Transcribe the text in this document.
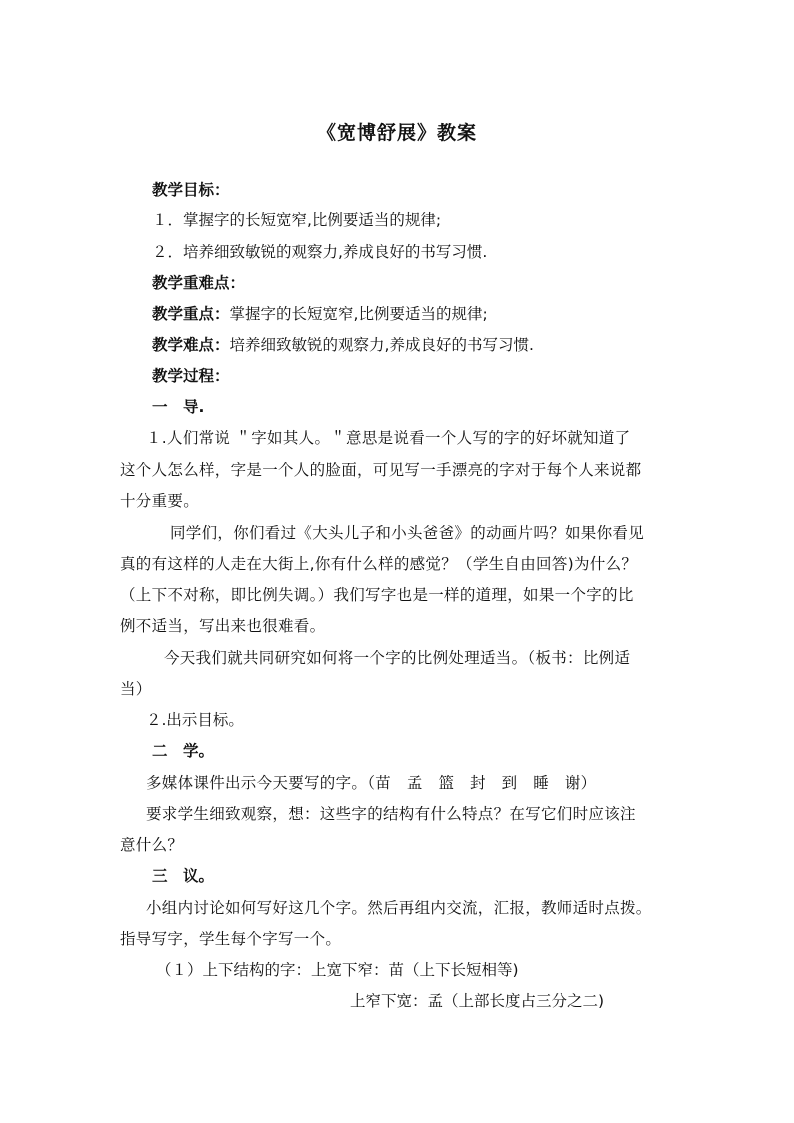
《宽博舒展》教案
教学目标：
１．掌握字的长短宽窄,比例要适当的规律;
２．培养细致敏锐的观察力,养成良好的书写习惯.
教学重难点：
教学重点：掌握字的长短宽窄,比例要适当的规律;
教学难点：培养细致敏锐的观察力,养成良好的书写习惯.
教学过程：
一　导.
１.人们常说 ＂字如其人。＂意思是说看一个人写的字的好坏就知道了
这个人怎么样，字是一个人的脸面，可见写一手漂亮的字对于每个人来说都
十分重要。
同学们，你们看过《大头儿子和小头爸爸》的动画片吗？如果你看见
真的有这样的人走在大街上,你有什么样的感觉？（学生自由回答)为什么？
（上下不对称，即比例失调。）我们写字也是一样的道理，如果一个字的比
例不适当，写出来也很难看。
今天我们就共同研究如何将一个字的比例处理适当。（板书：比例适
当）
２.出示目标。
二　学。
多媒体课件出示今天要写的字。（苗　孟　篮　封　到　睡　谢）
要求学生细致观察，想：这些字的结构有什么特点？在写它们时应该注
意什么？
三　议。
小组内讨论如何写好这几个字。然后再组内交流，汇报，教师适时点拨。
指导写字，学生每个字写一个。
（１）上下结构的字：上宽下窄：苗（上下长短相等)
上窄下宽：孟（上部长度占三分之二)
